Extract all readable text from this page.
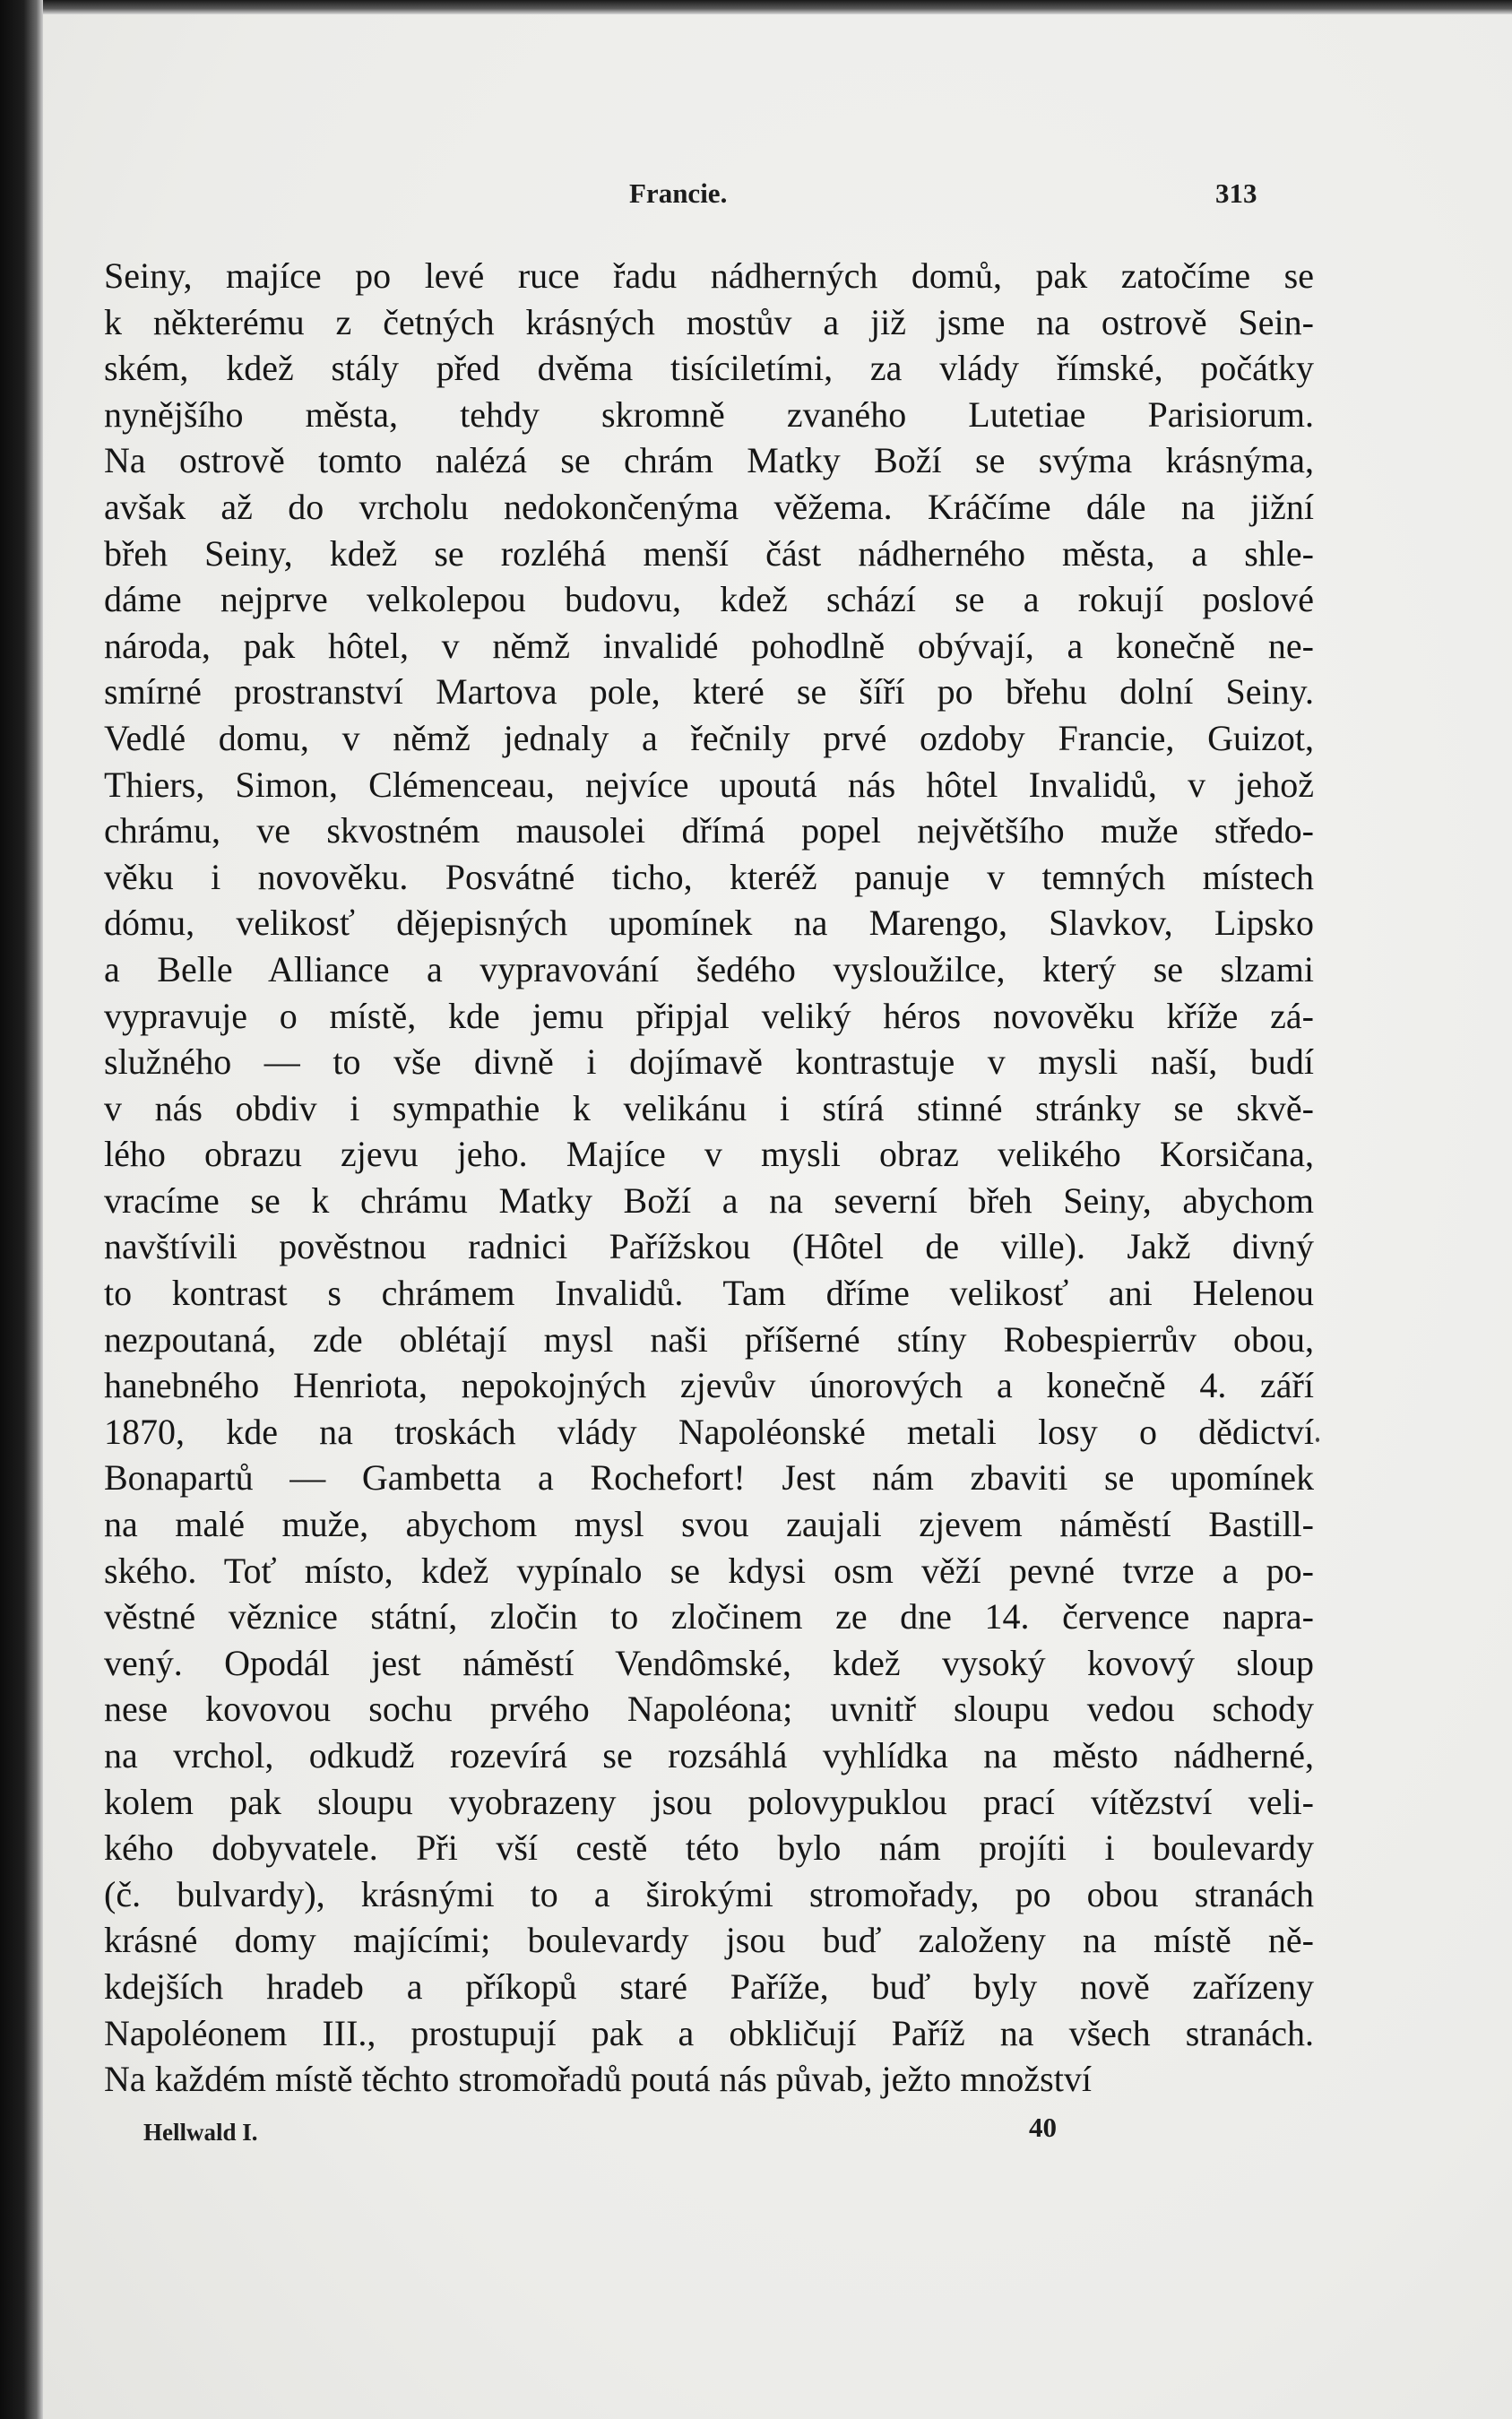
Francie.	313
Seiny, majíce po levé ruce řadu nádherných domů, pak zatočíme se
k některému z četných krásných mostův a již jsme na ostrově Sein-
ském, kdež stály před dvěma tisíciletími, za vlády římské, počátky
nynějšího města, tehdy skromně zvaného Lutetiae Parisiorum.
Na ostrově tomto nalézá se chrám Matky Boží se svýma krásnýma,
avšak až do vrcholu nedokončenýma věžema. Kráčíme dále na jižní
břeh Seiny, kdež se rozléhá menší část nádherného města, a shle-
dáme nejprve velkolepou budovu, kdež schází se a rokují poslové
národa, pak hôtel, v němž invalidé pohodlně obývají, a konečně ne-
smírné prostranství Martova pole, které se šíří po břehu dolní Seiny.
Vedlé domu, v němž jednaly a řečnily prvé ozdoby Francie, Guizot,
Thiers, Simon, Clémenceau, nejvíce upoutá nás hôtel Invalidů, v jehož
chrámu, ve skvostném mausolei dřímá popel největšího muže středo-
věku i novověku. Posvátné ticho, kteréž panuje v temných místech
dómu, velikosť dějepisných upomínek na Marengo, Slavkov, Lipsko
a Belle Alliance a vypravování šedého vysloužilce, který se slzami
vypravuje o místě, kde jemu připjal veliký héros novověku kříže zá-
služného — to vše divně i dojímavě kontrastuje v mysli naší, budí
v nás obdiv i sympathie k velikánu i stírá stinné stránky se skvě-
lého obrazu zjevu jeho. Majíce v mysli obraz velikého Korsičana,
vracíme se k chrámu Matky Boží a na severní břeh Seiny, abychom
navštívili pověstnou radnici Pařížskou (Hôtel de ville). Jakž divný
to kontrast s chrámem Invalidů. Tam dříme velikosť ani Helenou
nezpoutaná, zde oblétají mysl naši příšerné stíny Robespierrův obou,
hanebného Henriota, nepokojných zjevův únorových a konečně 4. září
1870, kde na troskách vlády Napoléonské metali losy o dědictví
Bonapartů — Gambetta a Rochefort! Jest nám zbaviti se upomínek
na malé muže, abychom mysl svou zaujali zjevem náměstí Bastill-
ského. Toť místo, kdež vypínalo se kdysi osm věží pevné tvrze a po-
věstné věznice státní, zločin to zločinem ze dne 14. července napra-
vený. Opodál jest náměstí Vendômské, kdež vysoký kovový sloup
nese kovovou sochu prvého Napoléona; uvnitř sloupu vedou schody
na vrchol, odkudž rozevírá se rozsáhlá vyhlídka na město nádherné,
kolem pak sloupu vyobrazeny jsou polovypuklou prací vítězství veli-
kého dobyvatele. Při vší cestě této bylo nám projíti i boulevardy
(č. bulvardy), krásnými to a širokými stromořady, po obou stranách
krásné domy majícími; boulevardy jsou buď založeny na místě ně-
kdejších hradeb a příkopů staré Paříže, buď byly nově zařízeny
Napoléonem III., prostupují pak a obkličují Paříž na všech stranách.
Na každém místě těchto stromořadů poutá nás půvab, ježto množství
Hellwald I.	40
